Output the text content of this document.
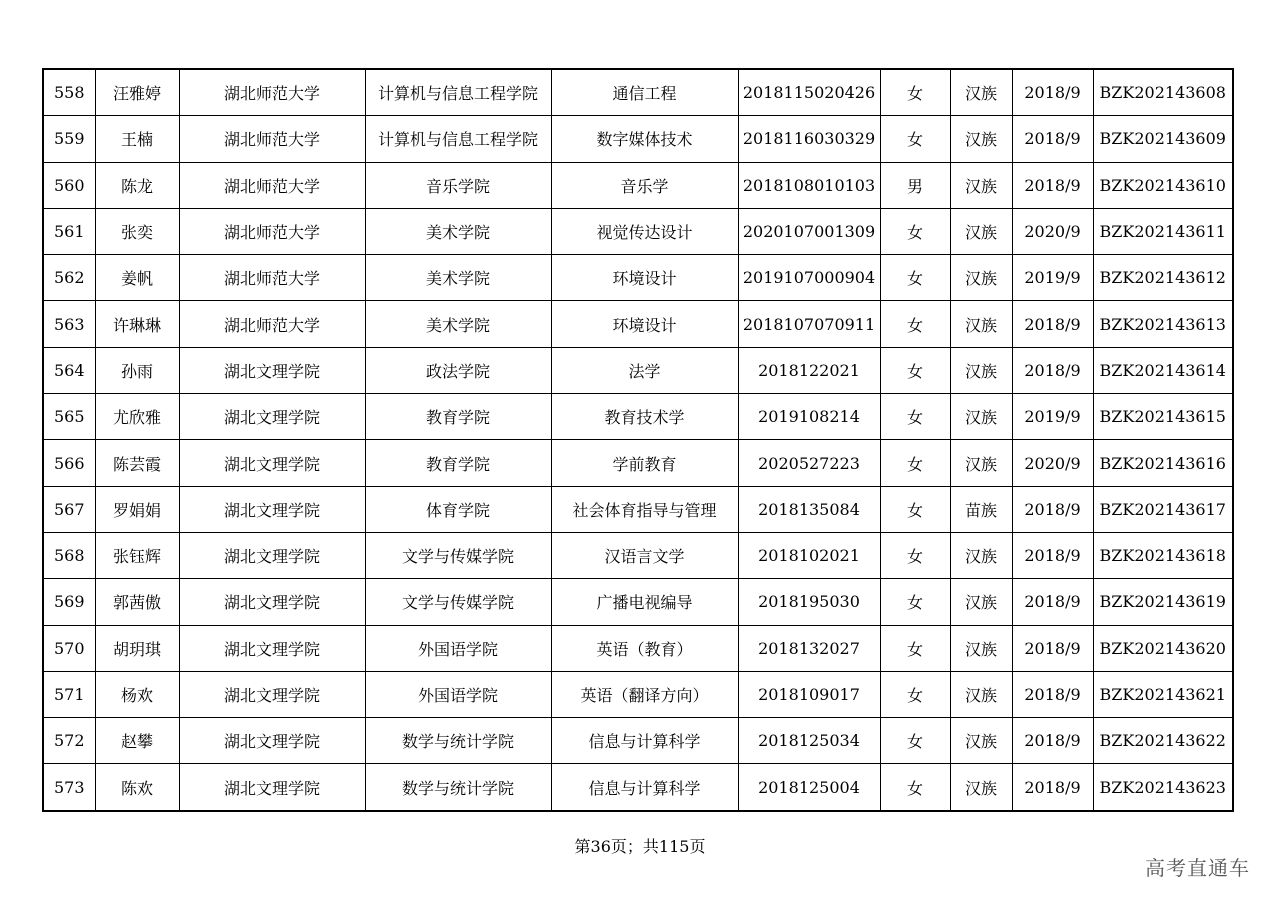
558	汪雅婷	湖北师范大学	计算机与信息工程学院	通信工程	2018115020426	女	汉族	2018/9	BZK202143608
559	王楠	湖北师范大学	计算机与信息工程学院	数字媒体技术	2018116030329	女	汉族	2018/9	BZK202143609
560	陈龙	湖北师范大学	音乐学院	音乐学	2018108010103	男	汉族	2018/9	BZK202143610
561	张奕	湖北师范大学	美术学院	视觉传达设计	2020107001309	女	汉族	2020/9	BZK202143611
562	姜帆	湖北师范大学	美术学院	环境设计	2019107000904	女	汉族	2019/9	BZK202143612
563	许琳琳	湖北师范大学	美术学院	环境设计	2018107070911	女	汉族	2018/9	BZK202143613
564	孙雨	湖北文理学院	政法学院	法学	2018122021	女	汉族	2018/9	BZK202143614
565	尤欣雅	湖北文理学院	教育学院	教育技术学	2019108214	女	汉族	2019/9	BZK202143615
566	陈芸霞	湖北文理学院	教育学院	学前教育	2020527223	女	汉族	2020/9	BZK202143616
567	罗娟娟	湖北文理学院	体育学院	社会体育指导与管理	2018135084	女	苗族	2018/9	BZK202143617
568	张钰辉	湖北文理学院	文学与传媒学院	汉语言文学	2018102021	女	汉族	2018/9	BZK202143618
569	郭茜傲	湖北文理学院	文学与传媒学院	广播电视编导	2018195030	女	汉族	2018/9	BZK202143619
570	胡玥琪	湖北文理学院	外国语学院	英语（教育）	2018132027	女	汉族	2018/9	BZK202143620
571	杨欢	湖北文理学院	外国语学院	英语（翻译方向）	2018109017	女	汉族	2018/9	BZK202143621
572	赵攀	湖北文理学院	数学与统计学院	信息与计算科学	2018125034	女	汉族	2018/9	BZK202143622
573	陈欢	湖北文理学院	数学与统计学院	信息与计算科学	2018125004	女	汉族	2018/9	BZK202143623
第36页；共115页
高考直通车
